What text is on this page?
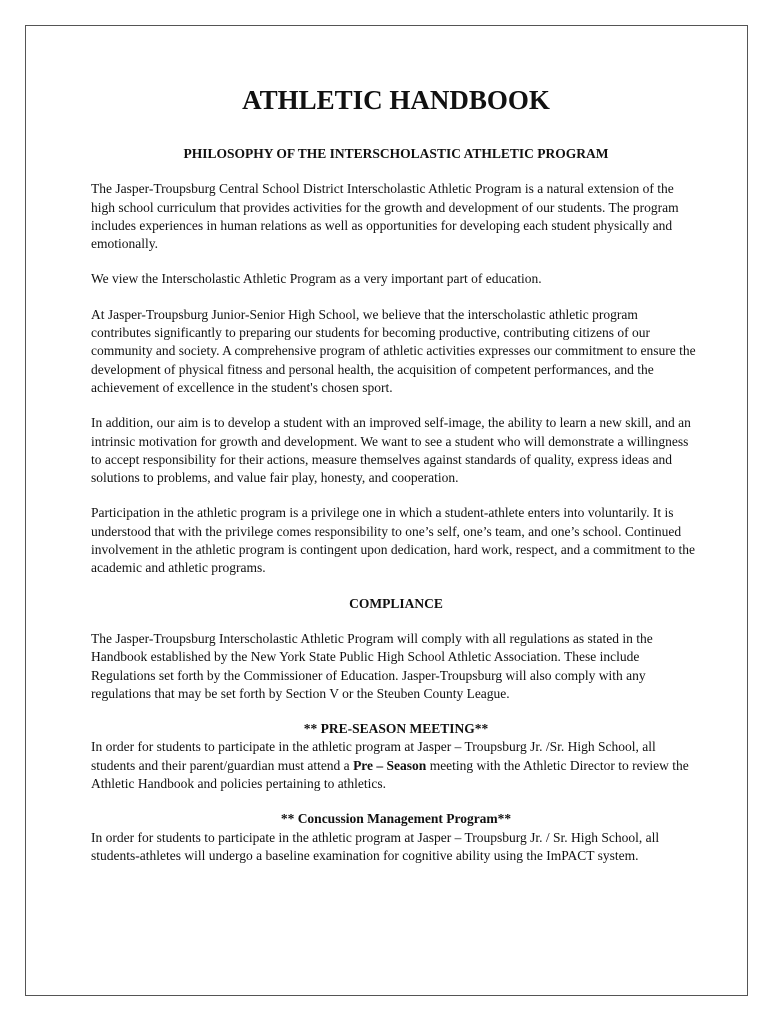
ATHLETIC HANDBOOK
PHILOSOPHY OF THE INTERSCHOLASTIC ATHLETIC PROGRAM

The Jasper-Troupsburg Central School District Interscholastic Athletic Program is a natural extension of the high school curriculum that provides activities for the growth and development of our students. The program includes experiences in human relations as well as opportunities for developing each student physically and emotionally.

We view the Interscholastic Athletic Program as a very important part of education.

At Jasper-Troupsburg Junior-Senior High School, we believe that the interscholastic athletic program contributes significantly to preparing our students for becoming productive, contributing citizens of our community and society. A comprehensive program of athletic activities expresses our commitment to ensure the development of physical fitness and personal health, the acquisition of competent performances, and the achievement of excellence in the student's chosen sport.

In addition, our aim is to develop a student with an improved self-image, the ability to learn a new skill, and an intrinsic motivation for growth and development. We want to see a student who will demonstrate a willingness to accept responsibility for their actions, measure themselves against standards of quality, express ideas and solutions to problems, and value fair play, honesty, and cooperation.

Participation in the athletic program is a privilege one in which a student-athlete enters into voluntarily. It is understood that with the privilege comes responsibility to one’s self, one’s team, and one’s school. Continued involvement in the athletic program is contingent upon dedication, hard work, respect, and a commitment to the academic and athletic programs.

COMPLIANCE

The Jasper-Troupsburg Interscholastic Athletic Program will comply with all regulations as stated in the Handbook established by the New York State Public High School Athletic Association. These include Regulations set forth by the Commissioner of Education. Jasper-Troupsburg will also comply with any regulations that may be set forth by Section V or the Steuben County League.

** PRE-SEASON MEETING**

In order for students to participate in the athletic program at Jasper – Troupsburg Jr. /Sr. High School, all students and their parent/guardian must attend a Pre – Season meeting with the Athletic Director to review the Athletic Handbook and policies pertaining to athletics.

** Concussion Management Program**

In order for students to participate in the athletic program at Jasper – Troupsburg Jr. / Sr. High School, all students-athletes will undergo a baseline examination for cognitive ability using the ImPACT system.
